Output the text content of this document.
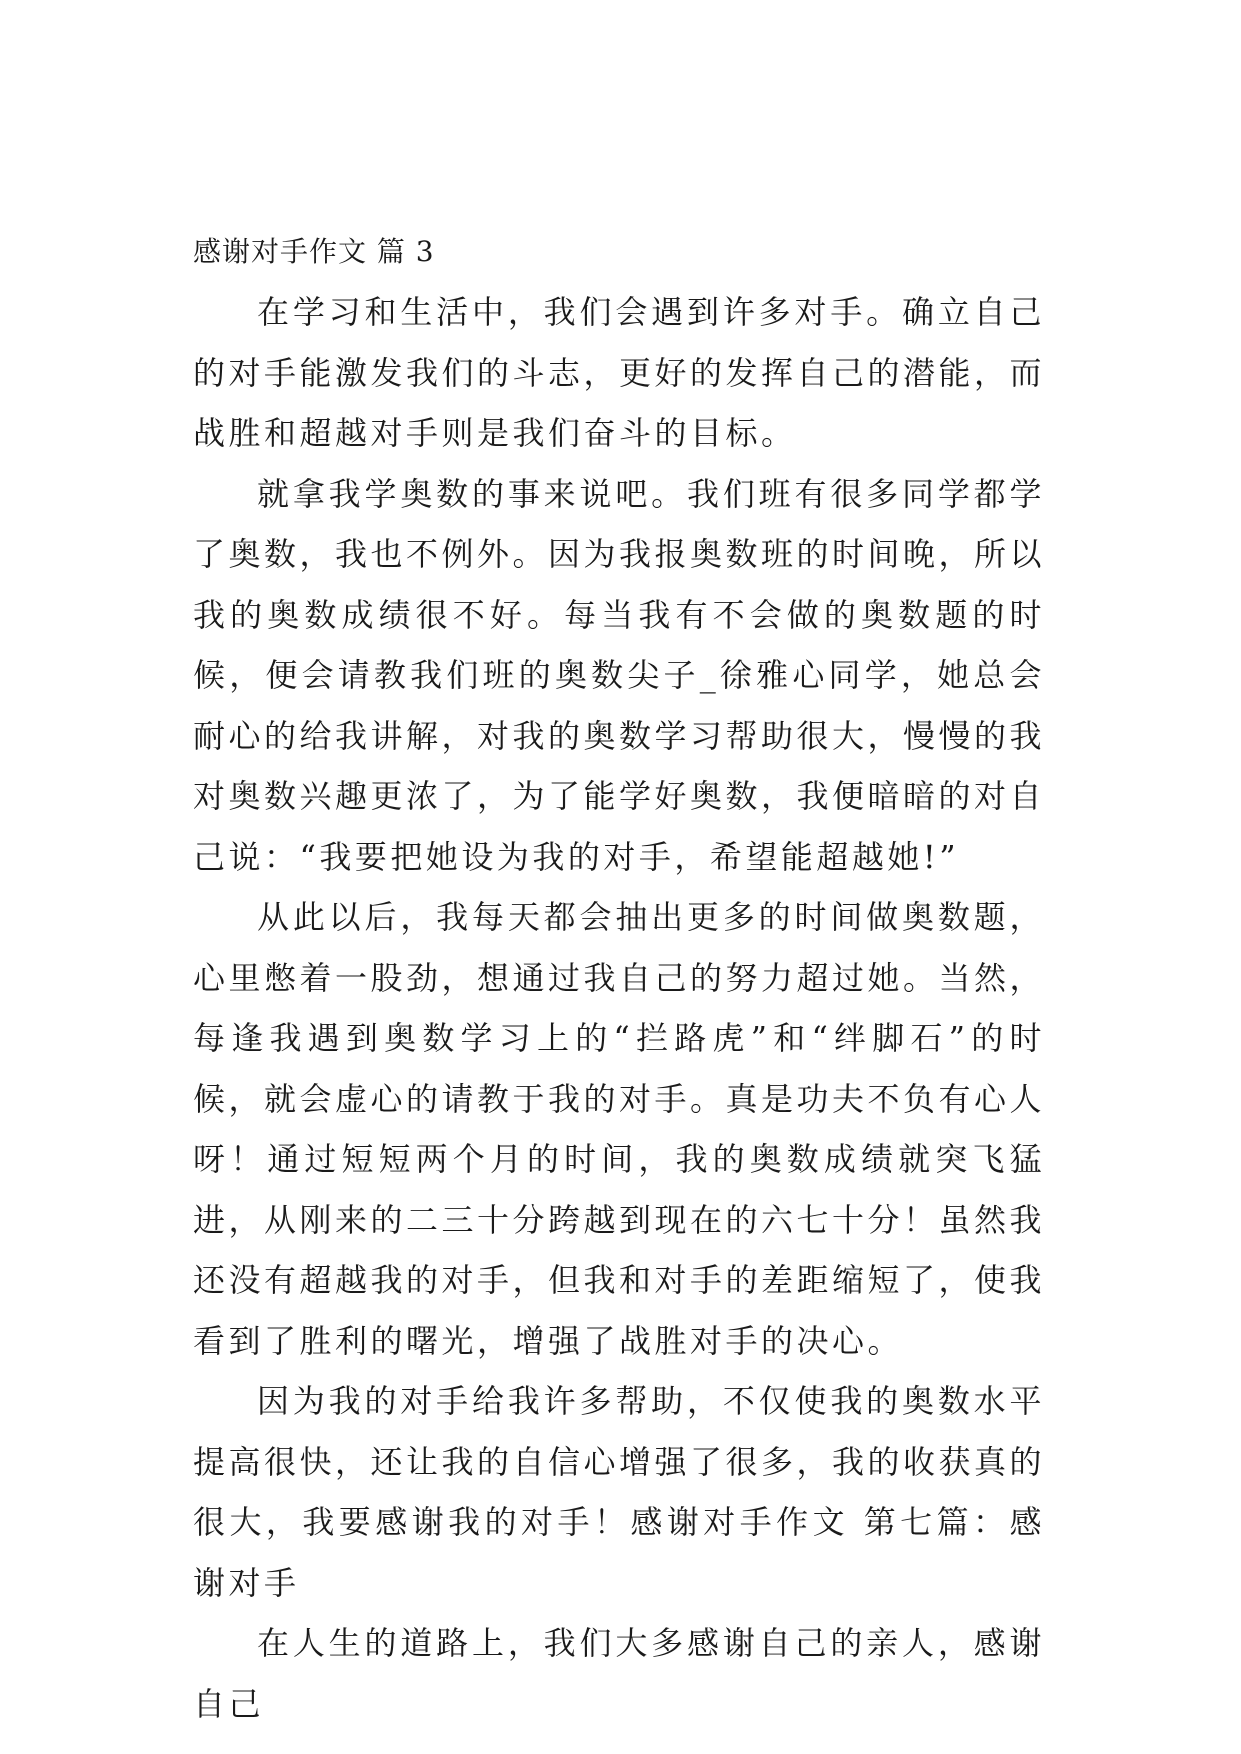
感谢对手作文 篇 3

在学习和生活中，我们会遇到许多对手。确立自己的对手能激发我们的斗志，更好的发挥自己的潜能，而战胜和超越对手则是我们奋斗的目标。

就拿我学奥数的事来说吧。我们班有很多同学都学了奥数，我也不例外。因为我报奥数班的时间晚，所以我的奥数成绩很不好。每当我有不会做的奥数题的时候，便会请教我们班的奥数尖子_徐雅心同学，她总会耐心的给我讲解，对我的奥数学习帮助很大，慢慢的我对奥数兴趣更浓了，为了能学好奥数，我便暗暗的对自己说：“我要把她设为我的对手，希望能超越她!”

从此以后，我每天都会抽出更多的时间做奥数题，心里憋着一股劲，想通过我自己的努力超过她。当然，每逢我遇到奥数学习上的“拦路虎”和“绊脚石”的时候，就会虚心的请教于我的对手。真是功夫不负有心人呀！通过短短两个月的时间，我的奥数成绩就突飞猛进，从刚来的二三十分跨越到现在的六七十分！虽然我还没有超越我的对手，但我和对手的差距缩短了，使我看到了胜利的曙光，增强了战胜对手的决心。

因为我的对手给我许多帮助，不仅使我的奥数水平提高很快，还让我的自信心增强了很多，我的收获真的很大，我要感谢我的对手！感谢对手作文 第七篇：感谢对手

在人生的道路上，我们大多感谢自己的亲人，感谢自己
